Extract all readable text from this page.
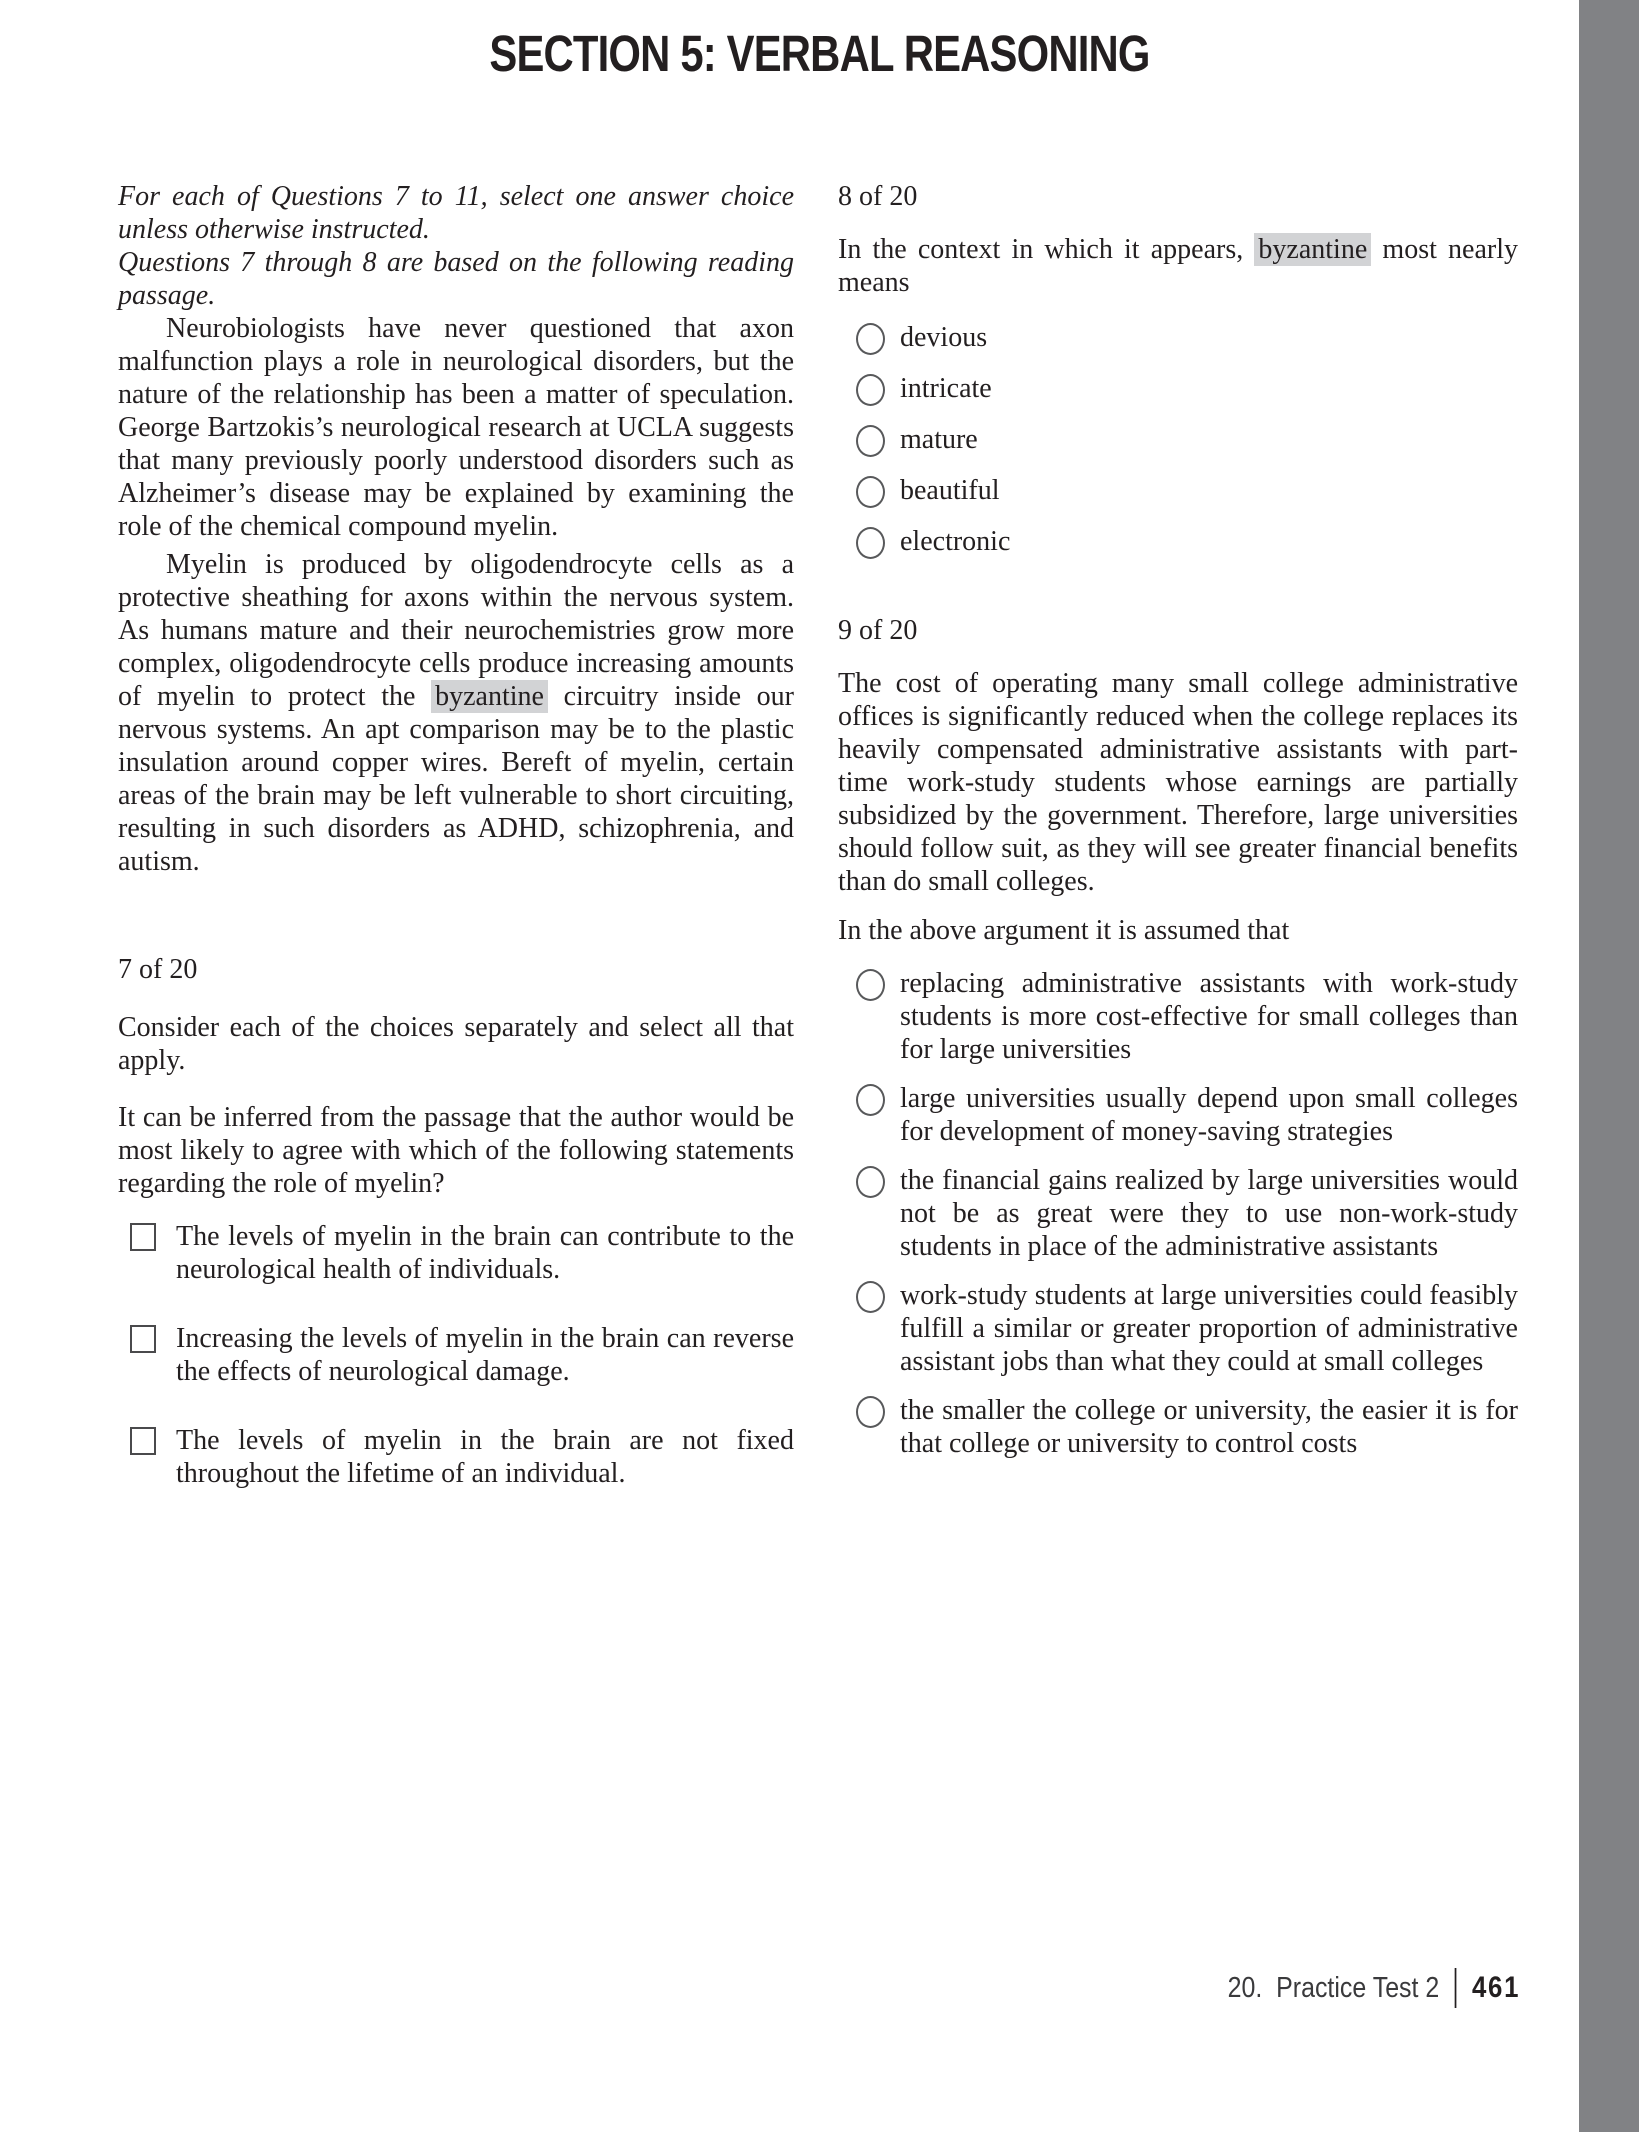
SECTION 5: VERBAL REASONING

For each of Questions 7 to 11, select one answer choice unless otherwise instructed.

Questions 7 through 8 are based on the following reading passage.

Neurobiologists have never questioned that axon malfunction plays a role in neurological disorders, but the nature of the relationship has been a matter of speculation. George Bartzokis’s neurological research at UCLA suggests that many previously poorly understood disorders such as Alzheimer’s disease may be explained by examining the role of the chemical compound myelin.

Myelin is produced by oligodendrocyte cells as a protective sheathing for axons within the nervous system. As humans mature and their neurochemistries grow more complex, oligodendrocyte cells produce increasing amounts of myelin to protect the byzantine circuitry inside our nervous systems. An apt comparison may be to the plastic insulation around copper wires. Bereft of myelin, certain areas of the brain may be left vulnerable to short circuiting, resulting in such disorders as ADHD, schizophrenia, and autism.

7 of 20

Consider each of the choices separately and select all that apply.

It can be inferred from the passage that the author would be most likely to agree with which of the following statements regarding the role of myelin?

The levels of myelin in the brain can contribute to the neurological health of individuals.
Increasing the levels of myelin in the brain can reverse the effects of neurological damage.
The levels of myelin in the brain are not fixed throughout the lifetime of an individual.
8 of 20

In the context in which it appears, byzantine most nearly means

devious
intricate
mature
beautiful
electronic
9 of 20

The cost of operating many small college administrative offices is significantly reduced when the college replaces its heavily compensated administrative assistants with part-time work-study students whose earnings are partially subsidized by the government. Therefore, large universities should follow suit, as they will see greater financial benefits than do small colleges.

In the above argument it is assumed that

replacing administrative assistants with work-study students is more cost-effective for small colleges than for large universities
large universities usually depend upon small colleges for development of money-saving strategies
the financial gains realized by large universities would not be as great were they to use non-work-study students in place of the administrative assistants
work-study students at large universities could feasibly fulfill a similar or greater proportion of administrative assistant jobs than what they could at small colleges
the smaller the college or university, the easier it is for that college or university to control costs
20.  Practice Test 2 461
